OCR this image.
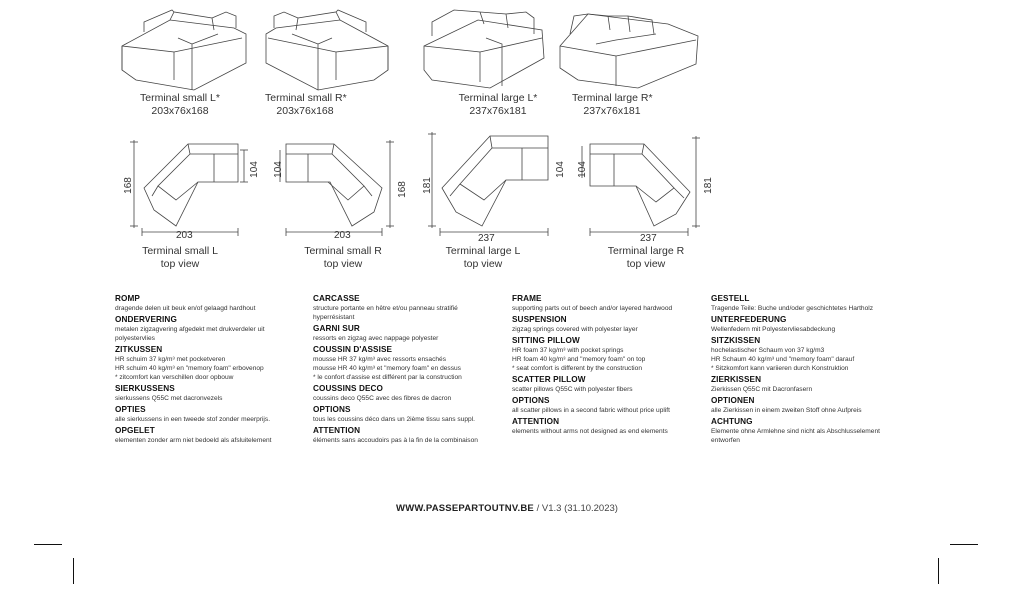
Terminal small L*
203x76x168
Terminal small R*
203x76x168
Terminal large L*
237x76x181
Terminal large R*
237x76x181
168
104
203
Terminal small L
top view
104
168
203
Terminal small R
top view
104
181
237
Terminal large L
top view
104
181
237
Terminal large R
top view
ROMP
dragende delen uit beuk en/of gelaagd hardhout
ONDERVERING
metalen zigzagvering afgedekt met drukverdeler uit
polyestervlies
ZITKUSSEN
HR schuim 37 kg/m³ met pocketveren
HR schuim 40 kg/m³ en "memory foam" erbovenop
* zitcomfort kan verschillen door opbouw
SIERKUSSENS
sierkussens Q55C met dacronvezels
OPTIES
alle sierkussens in een tweede stof zonder meerprijs.
OPGELET
elementen zonder arm niet bedoeld als afsluitelement
CARCASSE
structure portante en hêtre et/ou panneau stratifié
hyperrésistant
GARNI SUR
ressorts en zigzag avec nappage polyester
COUSSIN D'ASSISE
mousse HR 37 kg/m³ avec ressorts ensachés
mousse HR 40 kg/m³ et "memory foam" en dessus
* le confort d'assise est différent par la construction
COUSSINS DECO
coussins deco Q55C avec des fibres de dacron
OPTIONS
tous les coussins déco dans un 2ième tissu sans suppl.
ATTENTION
éléments sans accoudoirs pas à la fin de la combinaison
FRAME
supporting parts out of beech and/or layered hardwood
SUSPENSION
zigzag springs covered with polyester layer
SITTING PILLOW
HR foam 37 kg/m³ with pocket springs
HR foam 40 kg/m³ and "memory foam" on top
* seat comfort is different by the construction
SCATTER PILLOW
scatter pillows Q55C with polyester fibers
OPTIONS
all scatter pillows in a second fabric without price uplift
ATTENTION
elements without arms not designed as end elements
GESTELL
Tragende Teile: Buche und/oder geschichtetes Hartholz
UNTERFEDERUNG
Wellenfedern mit Polyestervliesabdeckung
SITZKISSEN
hochelastischer Schaum von 37 kg/m3
HR Schaum 40 kg/m³ und "memory foam" darauf
* Sitzkomfort kann variieren durch Konstruktion
ZIERKISSEN
Zierkissen Q55C mit Dacronfasern
OPTIONEN
alle Zierkissen in einem zweiten Stoff ohne Aufpreis
ACHTUNG
Elemente ohne Armlehne sind nicht als Abschlusselement
entworfen
WWW.PASSEPARTOUTNV.BE / V1.3 (31.10.2023)
